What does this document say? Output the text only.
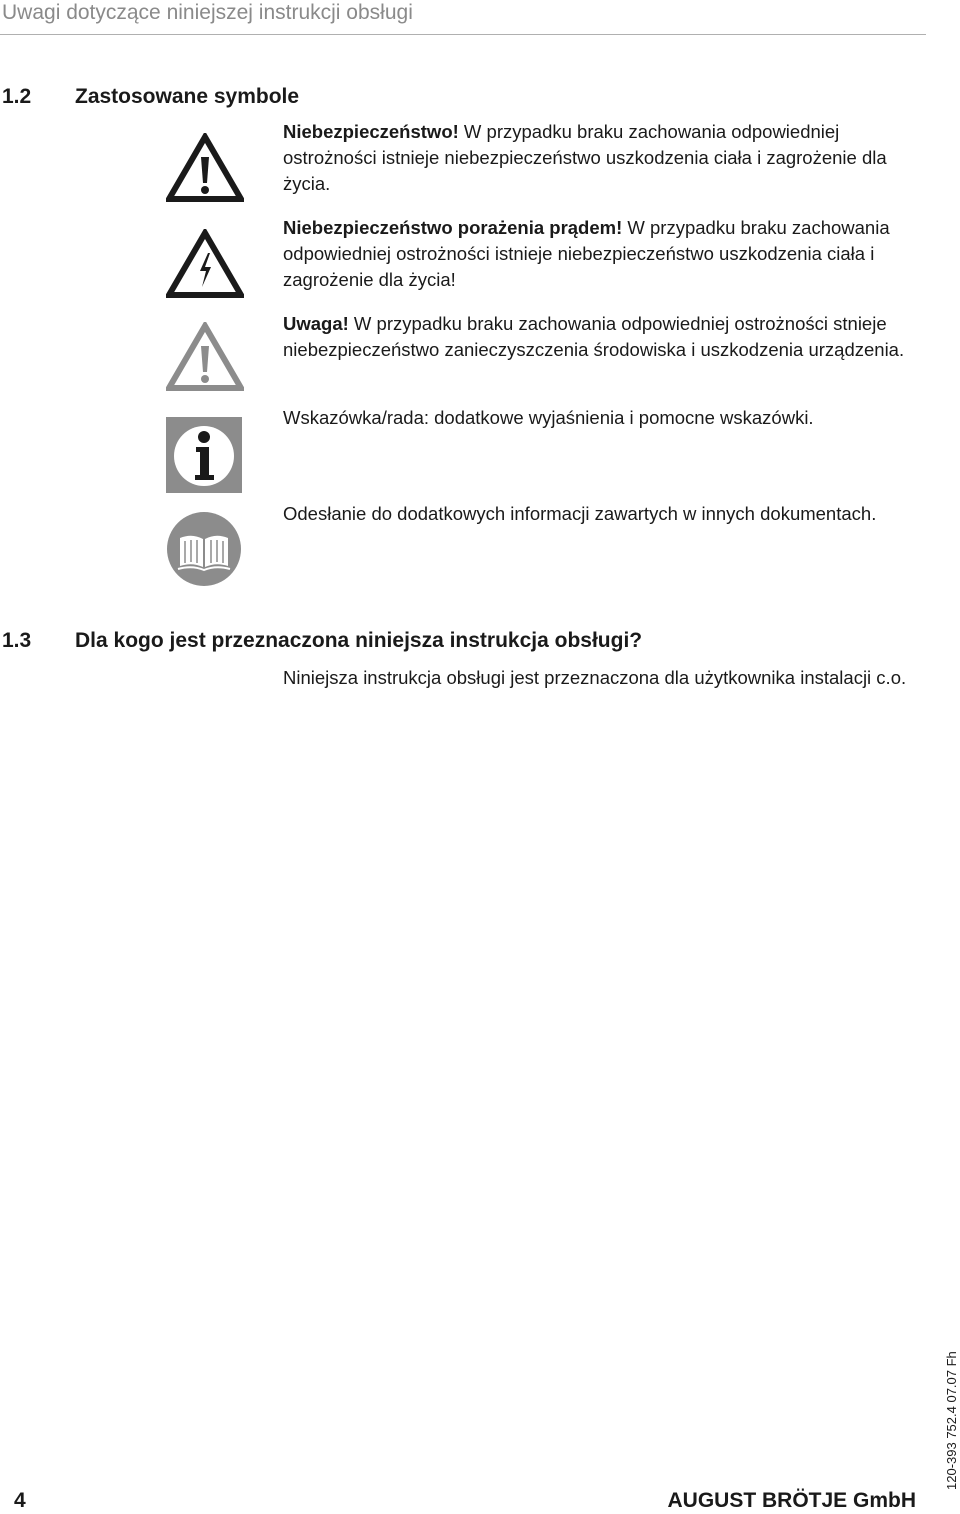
Uwagi dotyczące niniejszej instrukcji obsługi
1.2 Zastosowane symbole

Niebezpieczeństwo! W przypadku braku zachowania odpowiedniej ostrożności istnieje niebezpieczeństwo uszkodzenia ciała i zagrożenie dla życia.

Niebezpieczeństwo porażenia prądem! W przypadku braku zachowania odpowiedniej ostrożności istnieje niebezpieczeństwo uszkodzenia ciała i zagrożenie dla życia!

Uwaga! W przypadku braku zachowania odpowiedniej ostrożności stnieje niebezpieczeństwo zanieczyszczenia środowiska i uszkodzenia urządzenia.

Wskazówka/rada: dodatkowe wyjaśnienia i pomocne wskazówki.

Odesłanie do dodatkowych informacji zawartych w innych dokumentach.

1.3 Dla kogo jest przeznaczona niniejsza instrukcja obsługi?

Niniejsza instrukcja obsługi jest przeznaczona dla użytkownika instalacji c.o.

120-393 752.4 07.07 Fh
4	AUGUST BRÖTJE GmbH
